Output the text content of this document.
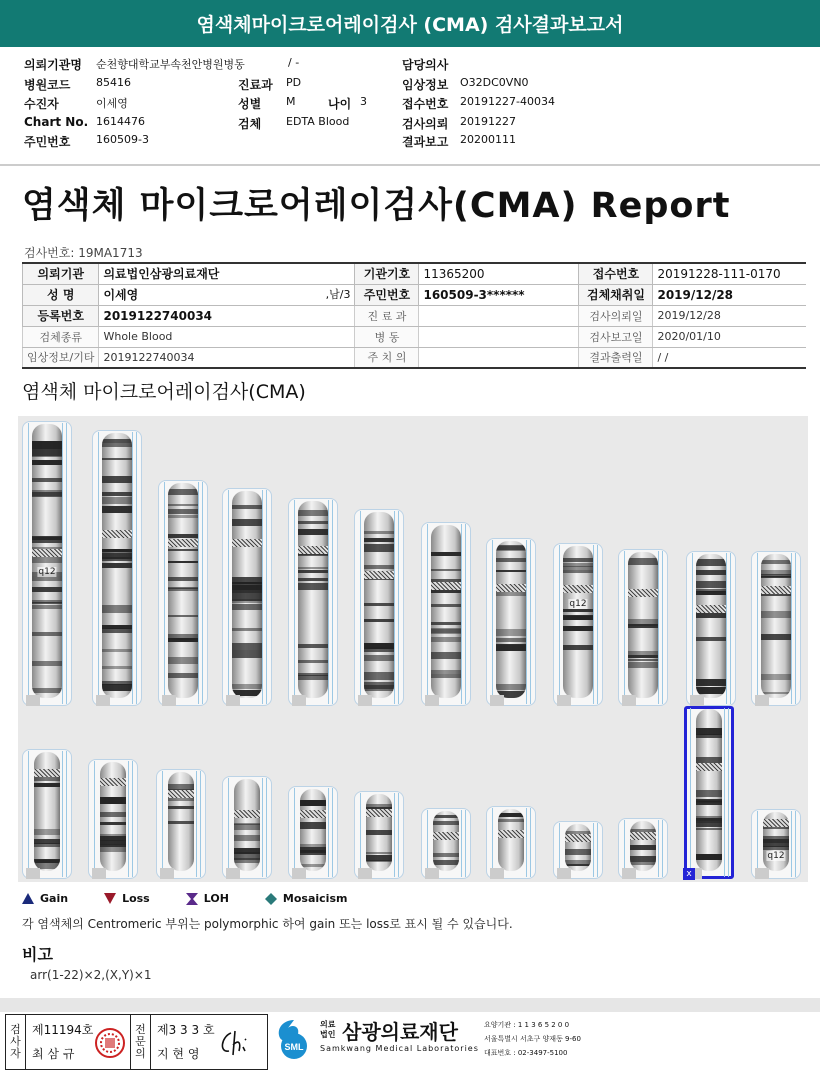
염색체마이크로어레이검사 (CMA) 검사결과보고서
의뢰기관명 순천향대학교부속천안병원병동	/ -
병원코드 85416
수진자	이세영
Chart No. 1614476
주민번호 160509-3
진료과 PD
성별 M	나이 3
검체 EDTA Blood
담당의사
임상정보 O32DC0VN0
접수번호 20191227-40034
검사의뢰 20191227
결과보고 20200111
염색체 마이크로어레이검사(CMA) Report
검사번호: 19MA1713
의뢰기관	의료법인삼광의료재단	기관기호	11365200	접수번호	20191228-111-0170
성 명	이세영 ,남/3	주민번호	160509-3******	검체채취일	2019/12/28
등록번호	2019122740034	진 료 과		검사의뢰일	2019/12/28
검체종류	Whole Blood	병 동		검사보고일	2020/01/10
임상정보/기타	2019122740034	주 치 의		결과출력일	/ /
염색체 마이크로어레이검사(CMA)
q12
q12
x
q12
Gain	Loss	LOH	Mosaicism
각 염색체의 Centromeric 부위는 polymorphic 하여 gain 또는 loss로 표시 될 수 있습니다.
비고
arr(1-22)×2,(X,Y)×1
검사자
제11194호
최 삼 규
전문의
제3 3 3 호
지 현 영	SML
의료법인 삼광의료재단
Samkwang Medical Laboratories
요양기관 : 1 1 3 6 5 2 0 0
서울특별시 서초구 양재동 9-60
대표번호 : 02-3497-5100
